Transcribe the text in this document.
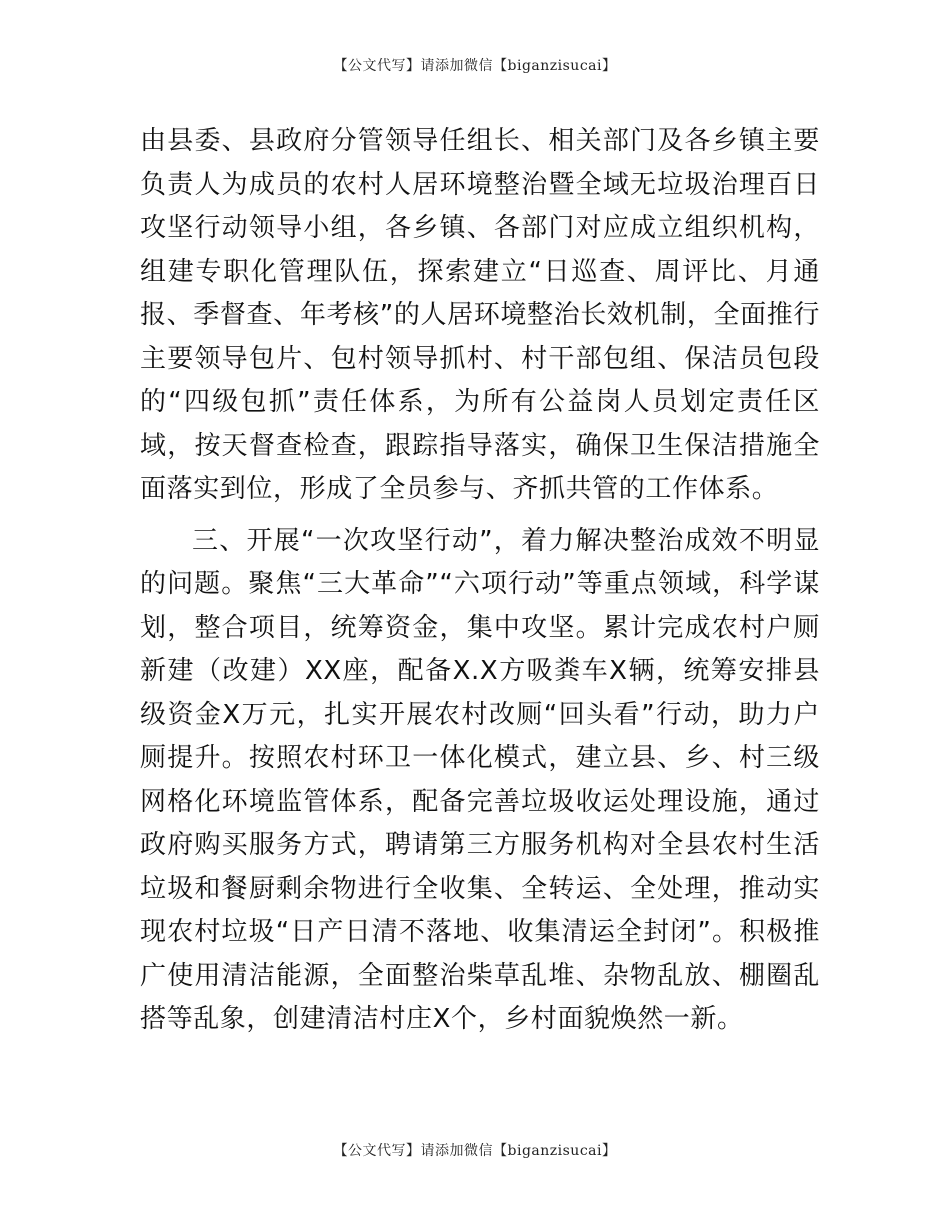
【公文代写】请添加微信【biganzisucai】

由县委、县政府分管领导任组长、相关部门及各乡镇主要负责人为成员的农村人居环境整治暨全域无垃圾治理百日攻坚行动领导小组，各乡镇、各部门对应成立组织机构，组建专职化管理队伍，探索建立“日巡查、周评比、月通报、季督查、年考核”的人居环境整治长效机制，全面推行主要领导包片、包村领导抓村、村干部包组、保洁员包段的“四级包抓”责任体系，为所有公益岗人员划定责任区域，按天督查检查，跟踪指导落实，确保卫生保洁措施全面落实到位，形成了全员参与、齐抓共管的工作体系。

三、开展“一次攻坚行动”，着力解决整治成效不明显的问题。聚焦“三大革命”“六项行动”等重点领域，科学谋划，整合项目，统筹资金，集中攻坚。累计完成农村户厕新建（改建）XX座，配备X.X方吸粪车X辆，统筹安排县级资金X万元，扎实开展农村改厕“回头看”行动，助力户厕提升。按照农村环卫一体化模式，建立县、乡、村三级网格化环境监管体系，配备完善垃圾收运处理设施，通过政府购买服务方式，聘请第三方服务机构对全县农村生活垃圾和餐厨剩余物进行全收集、全转运、全处理，推动实现农村垃圾“日产日清不落地、收集清运全封闭”。积极推广使用清洁能源，全面整治柴草乱堆、杂物乱放、棚圈乱搭等乱象，创建清洁村庄X个，乡村面貌焕然一新。

【公文代写】请添加微信【biganzisucai】
